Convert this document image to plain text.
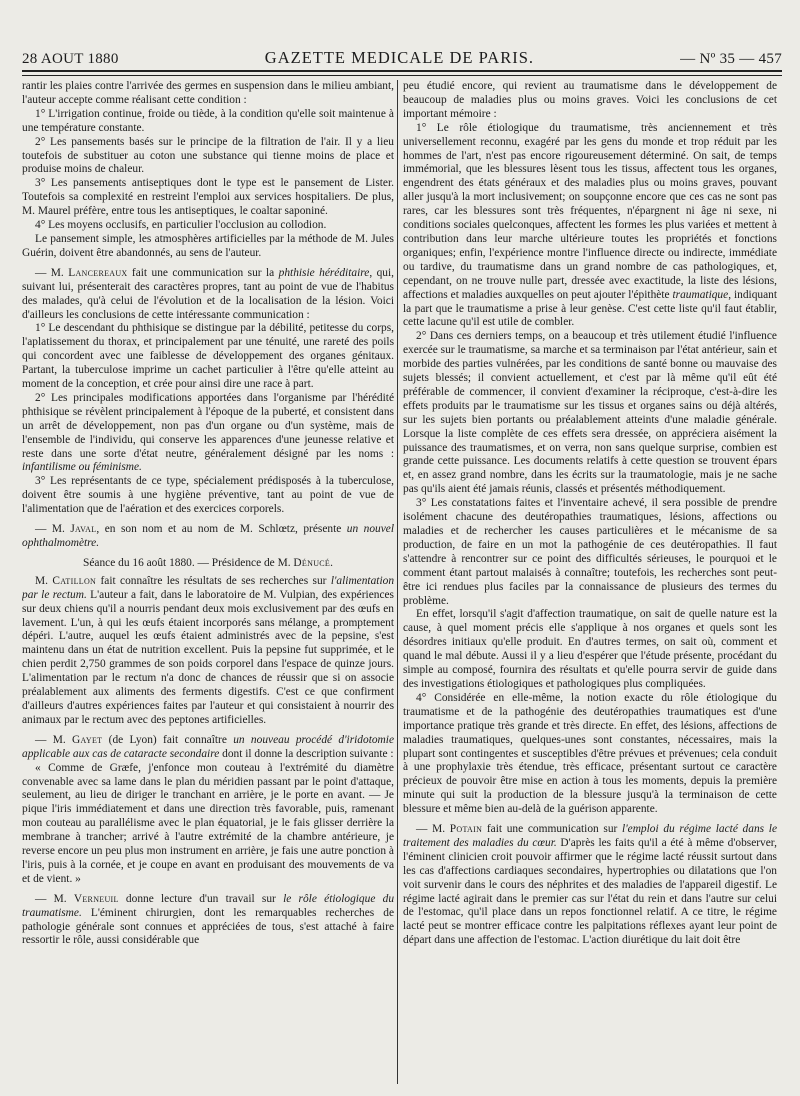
28 AOUT 1880	GAZETTE MEDICALE DE PARIS.	— Nº 35 — 457

rantir les plaies contre l'arrivée des germes en suspension dans le milieu ambiant, l'auteur accepte comme réalisant cette condition :

1° L'irrigation continue, froide ou tiède, à la condition qu'elle soit maintenue à une température constante.

2° Les pansements basés sur le principe de la filtration de l'air. Il y a lieu toutefois de substituer au coton une substance qui tienne moins de place et produise moins de chaleur.

3° Les pansements antiseptiques dont le type est le pansement de Lister. Toutefois sa complexité en restreint l'emploi aux services hospitaliers. De plus, M. Maurel préfère, entre tous les antiseptiques, le coaltar saponiné.

4° Les moyens occlusifs, en particulier l'occlusion au collodion.

Le pansement simple, les atmosphères artificielles par la méthode de M. Jules Guérin, doivent être abandonnés, au sens de l'auteur.

— M. Lancereaux fait une communication sur la phthisie héréditaire, qui, suivant lui, présenterait des caractères propres, tant au point de vue de l'habitus des malades, qu'à celui de l'évolution et de la localisation de la lésion. Voici d'ailleurs les conclusions de cette intéressante communication :

1° Le descendant du phthisique se distingue par la débilité, petitesse du corps, l'aplatissement du thorax, et principalement par une ténuité, une rareté des poils qui concordent avec une faiblesse de développement des organes génitaux. Partant, la tuberculose imprime un cachet particulier à l'être qu'elle atteint au moment de la conception, et crée pour ainsi dire une race à part.

2° Les principales modifications apportées dans l'organisme par l'hérédité phthisique se révèlent principalement à l'époque de la puberté, et consistent dans un arrêt de développement, non pas d'un organe ou d'un système, mais de l'ensemble de l'individu, qui conserve les apparences d'une jeunesse relative et reste dans une sorte d'état neutre, généralement désigné par les noms : infantilisme ou féminisme.

3° Les représentants de ce type, spécialement prédisposés à la tuberculose, doivent être soumis à une hygiène préventive, tant au point de vue de l'alimentation que de l'aération et des exercices corporels.

— M. Javal, en son nom et au nom de M. Schlœtz, présente un nouvel ophthalmomètre.

Séance du 16 août 1880. — Présidence de M. Dénucé.

M. Catillon fait connaître les résultats de ses recherches sur l'alimentation par le rectum. L'auteur a fait, dans le laboratoire de M. Vulpian, des expériences sur deux chiens qu'il a nourris pendant deux mois exclusivement par des œufs en lavement. L'un, à qui les œufs étaient incorporés sans mélange, a promptement dépéri. L'autre, auquel les œufs étaient administrés avec de la pepsine, s'est maintenu dans un état de nutrition excellent. Puis la pepsine fut supprimée, et le chien perdit 2,750 grammes de son poids corporel dans l'espace de quinze jours. L'alimentation par le rectum n'a donc de chances de réussir que si on associe préalablement aux aliments des ferments digestifs. C'est ce que confirment d'ailleurs d'autres expériences faites par l'auteur et qui consistaient à nourrir des animaux par le rectum avec des peptones artificielles.

— M. Gayet (de Lyon) fait connaître un nouveau procédé d'iridotomie applicable aux cas de cataracte secondaire dont il donne la description suivante :

« Comme de Græfe, j'enfonce mon couteau à l'extrémité du diamètre convenable avec sa lame dans le plan du méridien passant par le point d'attaque, seulement, au lieu de diriger le tranchant en arrière, je le porte en avant. — Je pique l'iris immédiatement et dans une direction très favorable, puis, ramenant mon couteau au parallélisme avec le plan équatorial, je le fais glisser derrière la membrane à trancher; arrivé à l'autre extrémité de la chambre antérieure, je reverse encore un peu plus mon instrument en arrière, je fais une autre ponction à l'iris, puis à la cornée, et je coupe en avant en produisant des mouvements de va et de vient. »

— M. Verneuil donne lecture d'un travail sur le rôle étiologique du traumatisme. L'éminent chirurgien, dont les remarquables recherches de pathologie générale sont connues et appréciées de tous, s'est attaché à faire ressortir le rôle, aussi considérable que

peu étudié encore, qui revient au traumatisme dans le développement de beaucoup de maladies plus ou moins graves. Voici les conclusions de cet important mémoire :

1° Le rôle étiologique du traumatisme, très anciennement et très universellement reconnu, exagéré par les gens du monde et trop réduit par les hommes de l'art, n'est pas encore rigoureusement déterminé. On sait, de temps immémorial, que les blessures lèsent tous les tissus, affectent tous les organes, engendrent des états généraux et des maladies plus ou moins graves, pouvant aller jusqu'à la mort inclusivement; on soupçonne encore que ces cas ne sont pas rares, car les blessures sont très fréquentes, n'épargnent ni âge ni sexe, ni conditions sociales quelconques, affectent les formes les plus variées et mettent à contribution dans leur marche ultérieure toutes les propriétés et fonctions organiques; enfin, l'expérience montre l'influence directe ou indirecte, immédiate ou tardive, du traumatisme dans un grand nombre de cas pathologiques, et, cependant, on ne trouve nulle part, dressée avec exactitude, la liste des lésions, affections et maladies auxquelles on peut ajouter l'épithète traumatique, indiquant la part que le traumatisme a prise à leur genèse. C'est cette liste qu'il faut établir, cette lacune qu'il est utile de combler.

2° Dans ces derniers temps, on a beaucoup et très utilement étudié l'influence exercée sur le traumatisme, sa marche et sa terminaison par l'état antérieur, sain et morbide des parties vulnérées, par les conditions de santé bonne ou mauvaise des sujets blessés; il convient actuellement, et c'est par là même qu'il eût été préférable de commencer, il convient d'examiner la réciproque, c'est-à-dire les effets produits par le traumatisme sur les tissus et organes sains ou déjà altérés, sur les sujets bien portants ou préalablement atteints d'une maladie générale. Lorsque la liste complète de ces effets sera dressée, on appréciera aisément la puissance des traumatismes, et on verra, non sans quelque surprise, combien est grande cette puissance. Les documents relatifs à cette question se trouvent épars et, en assez grand nombre, dans les écrits sur la traumatologie, mais je ne sache pas qu'ils aient été jamais réunis, classés et présentés méthodiquement.

3° Les constatations faites et l'inventaire achevé, il sera possible de prendre isolément chacune des deutéropathies traumatiques, lésions, affections ou maladies et de rechercher les causes particulières et le mécanisme de sa production, de faire en un mot la pathogénie de ces deutéropathies. Il faut s'attendre à rencontrer sur ce point des difficultés sérieuses, le pourquoi et le comment étant partout malaisés à connaître; toutefois, les recherches sont peut-être ici rendues plus faciles par la connaissance de plusieurs des termes du problème.

En effet, lorsqu'il s'agit d'affection traumatique, on sait de quelle nature est la cause, à quel moment précis elle s'applique à nos organes et quels sont les désordres initiaux qu'elle produit. En d'autres termes, on sait où, comment et quand le mal débute. Aussi il y a lieu d'espérer que l'étude présente, procédant du simple au composé, fournira des résultats et qu'elle pourra servir de guide dans des investigations étiologiques et pathologiques plus compliquées.

4° Considérée en elle-même, la notion exacte du rôle étiologique du traumatisme et de la pathogénie des deutéropathies traumatiques est d'une importance pratique très grande et très directe. En effet, des lésions, affections de maladies traumatiques, quelques-unes sont constantes, nécessaires, mais la plupart sont contingentes et susceptibles d'être prévues et prévenues; cela conduit à une prophylaxie très étendue, très efficace, présentant surtout ce caractère précieux de pouvoir être mise en action à tous les moments, depuis la première minute qui suit la production de la blessure jusqu'à la terminaison de cette blessure et même bien au-delà de la guérison apparente.

— M. Potain fait une communication sur l'emploi du régime lacté dans le traitement des maladies du cœur. D'après les faits qu'il a été à même d'observer, l'éminent clinicien croit pouvoir affirmer que le régime lacté réussit surtout dans les cas d'affections cardiaques secondaires, hypertrophies ou dilatations que l'on voit survenir dans le cours des néphrites et des maladies de l'appareil digestif. Le régime lacté agirait dans le premier cas sur l'état du rein et dans l'autre sur celui de l'estomac, qu'il place dans un repos fonctionnel relatif. A ce titre, le régime lacté peut se montrer efficace contre les palpitations réflexes ayant leur point de départ dans une affection de l'estomac. L'action diurétique du lait doit être
